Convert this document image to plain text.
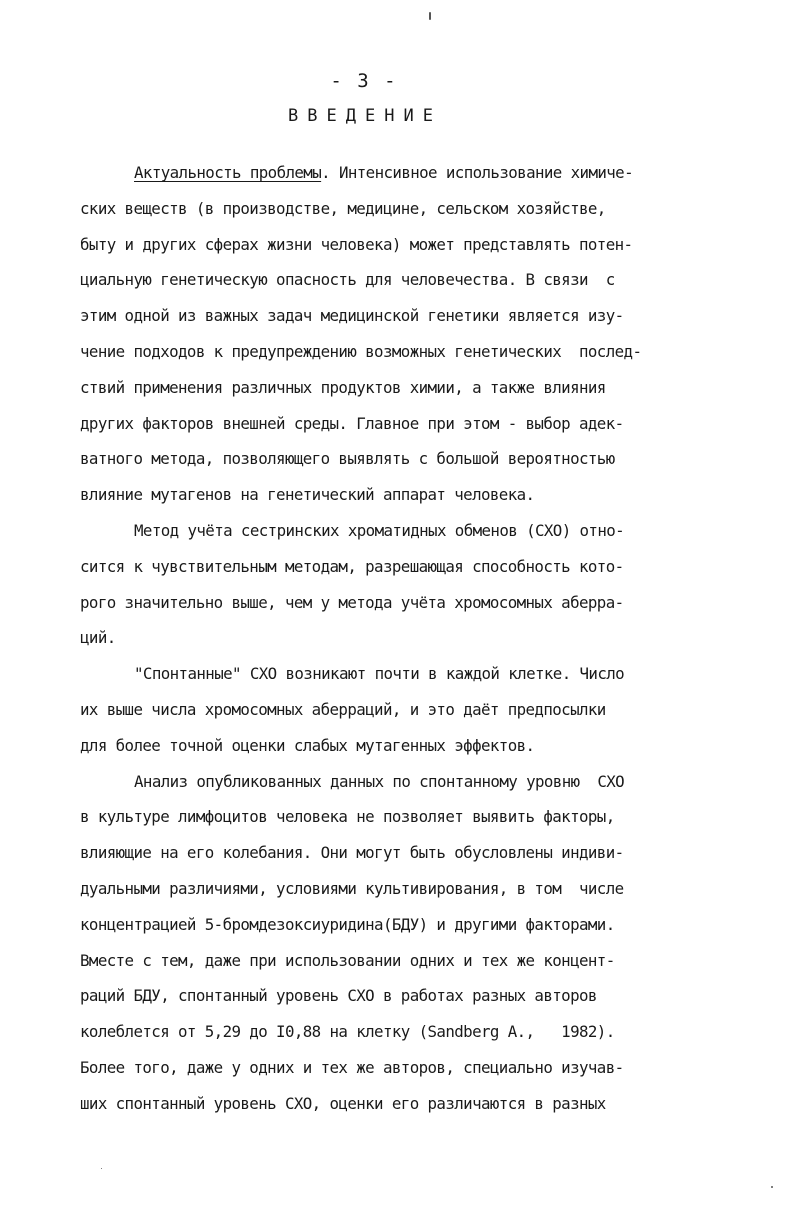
- 3 -
ВВЕДЕНИЕ
Актуальность проблемы. Интенсивное использование химиче-
ских веществ (в производстве, медицине, сельском хозяйстве,
быту и других сферах жизни человека) может представлять потен-
циальную генетическую опасность для человечества. В связи  с
этим одной из важных задач медицинской генетики является изу-
чение подходов к предупреждению возможных генетических  послед-
ствий применения различных продуктов химии, а также влияния
других факторов внешней среды. Главное при этом - выбор адек-
ватного метода, позволяющего выявлять с большой вероятностью
влияние мутагенов на генетический аппарат человека.
Метод учёта сестринских хроматидных обменов (СХО) отно-
сится к чувствительным методам, разрешающая способность кото-
рого значительно выше, чем у метода учёта хромосомных аберра-
ций.
"Спонтанные" СХО возникают почти в каждой клетке. Число
их выше числа хромосомных аберраций, и это даёт предпосылки
для более точной оценки слабых мутагенных эффектов.
Анализ опубликованных данных по спонтанному уровню  СХО
в культуре лимфоцитов человека не позволяет выявить факторы,
влияющие на его колебания. Они могут быть обусловлены индиви-
дуальными различиями, условиями культивирования, в том  числе
концентрацией 5-бромдезоксиуридина(БДУ) и другими факторами.
Вместе с тем, даже при использовании одних и тех же концент-
раций БДУ, спонтанный уровень СХО в работах разных авторов
колеблется от 5,29 до I0,88 на клетку (Sandberg A.,   1982).
Более того, даже у одних и тех же авторов, специально изучав-
ших спонтанный уровень СХО, оценки его различаются в разных
